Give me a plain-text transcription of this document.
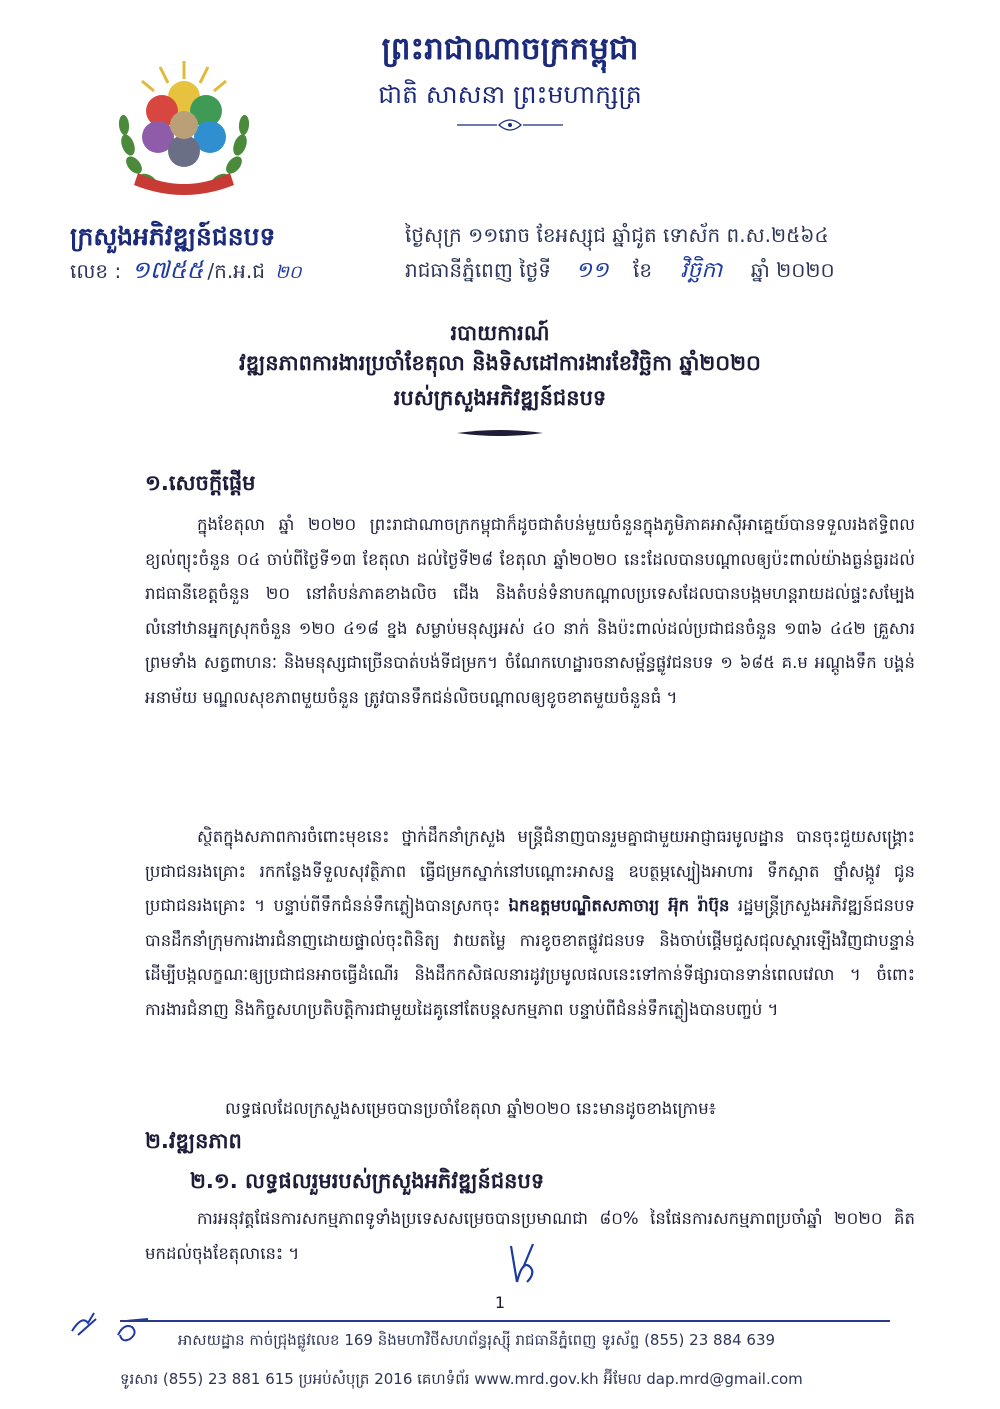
ព្រះរាជាណាចក្រកម្ពុជា
ជាតិ សាសនា ព្រះមហាក្សត្រ
ក្រសួងអភិវឌ្ឍន៍ជនបទ
លេខ : ១៧៥៥ /ក.អ.ជ ២០
ថ្ងៃសុក្រ ១១រោច ខែអស្សុជ ឆ្នាំជូត ទោស័ក ព.ស.២៥៦៤
រាជធានីភ្នំពេញ ថ្ងៃទី ១១ ខែ វិច្ឆិកា ឆ្នាំ ២០២០
របាយការណ៍
វឌ្ឍនភាពការងារប្រចាំខែតុលា និងទិសដៅការងារខែវិច្ឆិកា ឆ្នាំ២០២០
របស់ក្រសួងអភិវឌ្ឍន៍ជនបទ
១.សេចក្ដីផ្ដើម
ក្នុងខែតុលា ឆ្នាំ ២០២០ ព្រះរាជាណាចក្រកម្ពុជាក៏ដូចជាតំបន់មួយចំនួនក្នុងភូមិភាគអាស៊ីអាគ្នេយ៍បានទទួលរងឥទ្ធិពលខ្យល់ព្យុះចំនួន ០៤ ចាប់ពីថ្ងៃទី១៣ ខែតុលា ដល់ថ្ងៃទី២៨ ខែតុលា ឆ្នាំ២០២០ នេះដែលបានបណ្ដាលឲ្យប៉ះពាល់យ៉ាងធ្ងន់ធ្ងរដល់រាជធានីខេត្តចំនួន ២០ នៅតំបន់ភាគខាងលិច ជើង និងតំបន់ទំនាបកណ្ដាលប្រទេសដែលបានបង្កមហន្តរាយដល់ផ្ទះសម្បែងលំនៅឋានអ្នកស្រុកចំនួន ១២០ ៤១៨ ខ្នង សម្លាប់មនុស្សអស់ ៤០ នាក់ និងប៉ះពាល់ដល់ប្រជាជនចំនួន ១៣៦ ៤៤២ គ្រួសារ ព្រមទាំង សត្វពាហនៈ និងមនុស្សជាច្រើនបាត់បង់ទីជម្រក។ ចំណែកហេដ្ឋារចនាសម្ព័ន្ធផ្លូវជនបទ ១ ៦៨៥ គ.ម អណ្ដូងទឹក បង្គន់អនាម័យ មណ្ឌលសុខភាពមួយចំនួន ត្រូវបានទឹកជន់លិចបណ្ដាលឲ្យខូចខាតមួយចំនួនធំ ។
ស្ថិតក្នុងសភាពការចំពោះមុខនេះ ថ្នាក់ដឹកនាំក្រសួង មន្ត្រីជំនាញបានរួមគ្នាជាមួយអាជ្ញាធរមូលដ្ឋាន បានចុះជួយសង្គ្រោះប្រជាជនរងគ្រោះ រកកន្លែងទីទួលសុវត្ថិភាព ធ្វើជម្រកស្នាក់នៅបណ្ដោះអាសន្ន ឧបត្ថម្ភស្បៀងអាហារ ទឹកស្អាត ថ្នាំសង្កូវ ជូនប្រជាជនរងគ្រោះ ។ បន្ទាប់ពីទឹកជំនន់ទឹកភ្លៀងបានស្រកចុះ ឯកឧត្តមបណ្ឌិតសភាចារ្យ អ៊ុក រ៉ាប៊ុន រដ្ឋមន្ត្រីក្រសួងអភិវឌ្ឍន៍ជនបទ បានដឹកនាំក្រុមការងារជំនាញដោយផ្ទាល់ចុះពិនិត្យ វាយតម្លៃ ការខូចខាតផ្លូវជនបទ និងចាប់ផ្ដើមជួសជុលស្តារឡើងវិញជាបន្ទាន់ដើម្បីបង្កលក្ខណៈឲ្យប្រជាជនអាចធ្វើដំណើរ និងដឹកកសិផលនារដូវប្រមូលផលនេះទៅកាន់ទីផ្សារបានទាន់ពេលវេលា ។ ចំពោះការងារជំនាញ និងកិច្ចសហប្រតិបត្តិការជាមួយដៃគូនៅតែបន្តសកម្មភាព បន្ទាប់ពីជំនន់ទឹកភ្លៀងបានបញ្ចប់ ។
លទ្ធផលដែលក្រសួងសម្រេចបានប្រចាំខែតុលា ឆ្នាំ២០២០ នេះមានដូចខាងក្រោម៖
២.វឌ្ឍនភាព
២.១. លទ្ធផលរួមរបស់ក្រសួងអភិវឌ្ឍន៍ជនបទ
ការអនុវត្តផែនការសកម្មភាពទូទាំងប្រទេសសម្រេចបានប្រមាណជា ៨០% នៃផែនការសកម្មភាពប្រចាំឆ្នាំ ២០២០ គិតមកដល់ចុងខែតុលានេះ ។
1
អាសយដ្ឋាន កាច់ជ្រុងផ្លូវលេខ 169 និងមហាវិថីសហព័ន្ធរុស្ស៊ី រាជធានីភ្នំពេញ ទូរស័ព្ទ (855) 23 884 639
ទូរសារ (855) 23 881 615 ប្រអប់សំបុត្រ 2016 គេហទំព័រ www.mrd.gov.kh អ៊ីមែល dap.mrd@gmail.com
